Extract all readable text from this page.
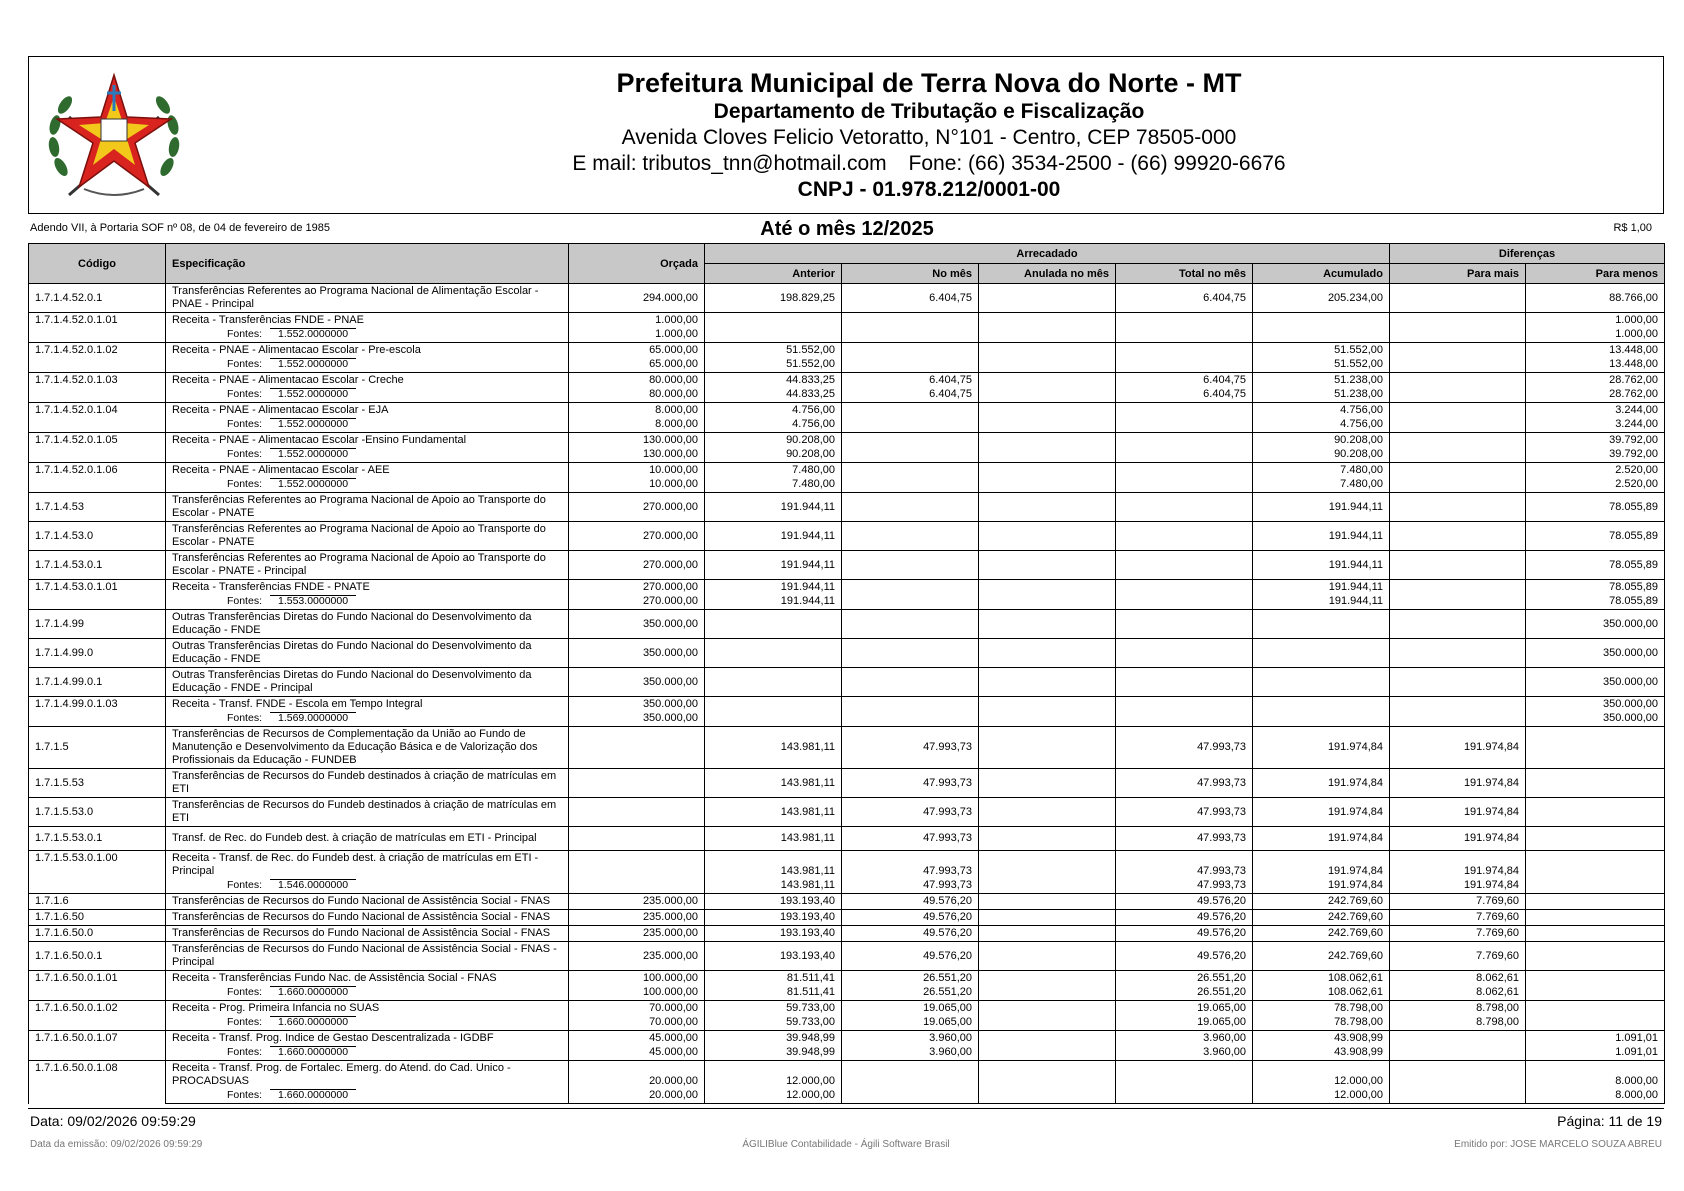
Prefeitura Municipal de Terra Nova do Norte - MT
Departamento de Tributação e Fiscalização
Avenida Cloves Felicio Vetoratto, N°101 - Centro, CEP 78505-000
E mail: tributos_tnn@hotmail.com Fone: (66) 3534-2500 - (66) 99920-6676
CNPJ - 01.978.212/0001-00
Até o mês 12/2025
Adendo VII, à Portaria SOF nº 08, de 04 de fevereiro de 1985	R$ 1,00
Código	Especificação	Orçada	Arrecadado					Diferenças	
			Anterior	No mês	Anulada no mês	Total no mês	Acumulado	Para mais	Para menos
1.7.1.4.52.0.1	Transferências Referentes ao Programa Nacional de Alimentação Escolar - PNAE - Principal	294.000,00	198.829,25	6.404,75		6.404,75	205.234,00		88.766,00
1.7.1.4.52.0.1.01	Receita - Transferências FNDE - PNAE	1.000,00							1.000,00
	Fontes: 1.552.0000000	1.000,00							1.000,00
1.7.1.4.52.0.1.02	Receita - PNAE - Alimentacao Escolar - Pre-escola	65.000,00	51.552,00				51.552,00		13.448,00
	Fontes: 1.552.0000000	65.000,00	51.552,00				51.552,00		13.448,00
1.7.1.4.52.0.1.03	Receita - PNAE - Alimentacao Escolar - Creche	80.000,00	44.833,25	6.404,75		6.404,75	51.238,00		28.762,00
	Fontes: 1.552.0000000	80.000,00	44.833,25	6.404,75		6.404,75	51.238,00		28.762,00
1.7.1.4.52.0.1.04	Receita - PNAE - Alimentacao Escolar - EJA	8.000,00	4.756,00				4.756,00		3.244,00
	Fontes: 1.552.0000000	8.000,00	4.756,00				4.756,00		3.244,00
1.7.1.4.52.0.1.05	Receita - PNAE - Alimentacao Escolar -Ensino Fundamental	130.000,00	90.208,00				90.208,00		39.792,00
	Fontes: 1.552.0000000	130.000,00	90.208,00				90.208,00		39.792,00
1.7.1.4.52.0.1.06	Receita - PNAE - Alimentacao Escolar - AEE	10.000,00	7.480,00				7.480,00		2.520,00
	Fontes: 1.552.0000000	10.000,00	7.480,00				7.480,00		2.520,00
1.7.1.4.53	Transferências Referentes ao Programa Nacional de Apoio ao Transporte do Escolar - PNATE	270.000,00	191.944,11				191.944,11		78.055,89
1.7.1.4.53.0	Transferências Referentes ao Programa Nacional de Apoio ao Transporte do Escolar - PNATE	270.000,00	191.944,11				191.944,11		78.055,89
1.7.1.4.53.0.1	Transferências Referentes ao Programa Nacional de Apoio ao Transporte do Escolar - PNATE - Principal	270.000,00	191.944,11				191.944,11		78.055,89
1.7.1.4.53.0.1.01	Receita - Transferências FNDE - PNATE	270.000,00	191.944,11				191.944,11		78.055,89
	Fontes: 1.553.0000000	270.000,00	191.944,11				191.944,11		78.055,89
1.7.1.4.99	Outras Transferências Diretas do Fundo Nacional do Desenvolvimento da Educação - FNDE	350.000,00							350.000,00
1.7.1.4.99.0	Outras Transferências Diretas do Fundo Nacional do Desenvolvimento da Educação - FNDE	350.000,00							350.000,00
1.7.1.4.99.0.1	Outras Transferências Diretas do Fundo Nacional do Desenvolvimento da Educação - FNDE - Principal	350.000,00							350.000,00
1.7.1.4.99.0.1.03	Receita - Transf. FNDE - Escola em Tempo Integral	350.000,00							350.000,00
	Fontes: 1.569.0000000	350.000,00							350.000,00
1.7.1.5	Transferências de Recursos de Complementação da União ao Fundo de Manutenção e Desenvolvimento da Educação Básica e de Valorização dos Profissionais da Educação - FUNDEB		143.981,11	47.993,73		47.993,73	191.974,84	191.974,84	
1.7.1.5.53	Transferências de Recursos do Fundeb destinados à criação de matrículas em ETI		143.981,11	47.993,73		47.993,73	191.974,84	191.974,84	
1.7.1.5.53.0	Transferências de Recursos do Fundeb destinados à criação de matrículas em ETI		143.981,11	47.993,73		47.993,73	191.974,84	191.974,84	
1.7.1.5.53.0.1	Transf. de Rec. do Fundeb dest. à criação de matrículas em ETI - Principal		143.981,11	47.993,73		47.993,73	191.974,84	191.974,84	
1.7.1.5.53.0.1.00	Receita - Transf. de Rec. do Fundeb dest. à criação de matrículas em ETI - Principal		143.981,11	47.993,73		47.993,73	191.974,84	191.974,84	
	Fontes: 1.546.0000000		143.981,11	47.993,73		47.993,73	191.974,84	191.974,84	
1.7.1.6	Transferências de Recursos do Fundo Nacional de Assistência Social - FNAS	235.000,00	193.193,40	49.576,20		49.576,20	242.769,60	7.769,60	
1.7.1.6.50	Transferências de Recursos do Fundo Nacional de Assistência Social - FNAS	235.000,00	193.193,40	49.576,20		49.576,20	242.769,60	7.769,60	
1.7.1.6.50.0	Transferências de Recursos do Fundo Nacional de Assistência Social - FNAS	235.000,00	193.193,40	49.576,20		49.576,20	242.769,60	7.769,60	
1.7.1.6.50.0.1	Transferências de Recursos do Fundo Nacional de Assistência Social - FNAS - Principal	235.000,00	193.193,40	49.576,20		49.576,20	242.769,60	7.769,60	
1.7.1.6.50.0.1.01	Receita - Transferências Fundo Nac. de Assistência Social - FNAS	100.000,00	81.511,41	26.551,20		26.551,20	108.062,61	8.062,61	
	Fontes: 1.660.0000000	100.000,00	81.511,41	26.551,20		26.551,20	108.062,61	8.062,61	
1.7.1.6.50.0.1.02	Receita - Prog. Primeira Infancia no SUAS	70.000,00	59.733,00	19.065,00		19.065,00	78.798,00	8.798,00	
	Fontes: 1.660.0000000	70.000,00	59.733,00	19.065,00		19.065,00	78.798,00	8.798,00	
1.7.1.6.50.0.1.07	Receita - Transf. Prog. Indice de Gestao Descentralizada - IGDBF	45.000,00	39.948,99	3.960,00		3.960,00	43.908,99		1.091,01
	Fontes: 1.660.0000000	45.000,00	39.948,99	3.960,00		3.960,00	43.908,99		1.091,01
1.7.1.6.50.0.1.08	Receita - Transf. Prog. de Fortalec. Emerg. do Atend. do Cad. Unico - PROCADSUAS	20.000,00	12.000,00				12.000,00		8.000,00
	Fontes: 1.660.0000000	20.000,00	12.000,00				12.000,00		8.000,00
Data: 09/02/2026 09:59:29	Página: 11 de 19
ÁGILIBlue Contabilidade - Ágili Software Brasil
Data da emissão: 09/02/2026 09:59:29	Emitido por: JOSE MARCELO SOUZA ABREU
